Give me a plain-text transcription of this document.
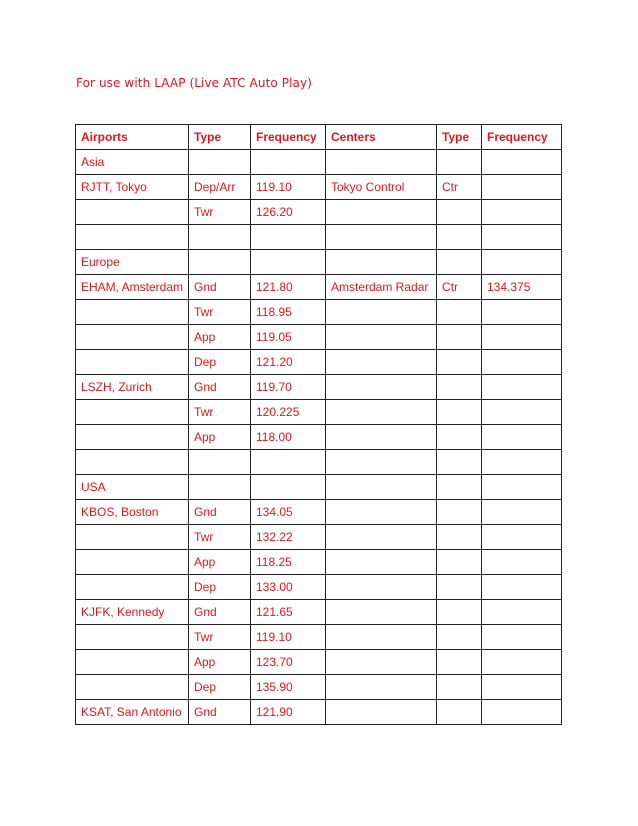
For use with LAAP (Live ATC Auto Play)
Airports	Type	Frequency	Centers	Type	Frequency
Asia					
RJTT, Tokyo	Dep/Arr	119.10	Tokyo Control	Ctr	
	Twr	126.20			

Europe					
EHAM, Amsterdam	Gnd	121.80	Amsterdam Radar	Ctr	134.375
	Twr	118.95			
	App	119.05			
	Dep	121.20			
LSZH, Zurich	Gnd	119.70			
	Twr	120.225			
	App	118.00			

USA					
KBOS, Boston	Gnd	134.05			
	Twr	132.22			
	App	118.25			
	Dep	133.00			
KJFK, Kennedy	Gnd	121.65			
	Twr	119.10			
	App	123.70			
	Dep	135.90			
KSAT, San Antonio	Gnd	121.90			
